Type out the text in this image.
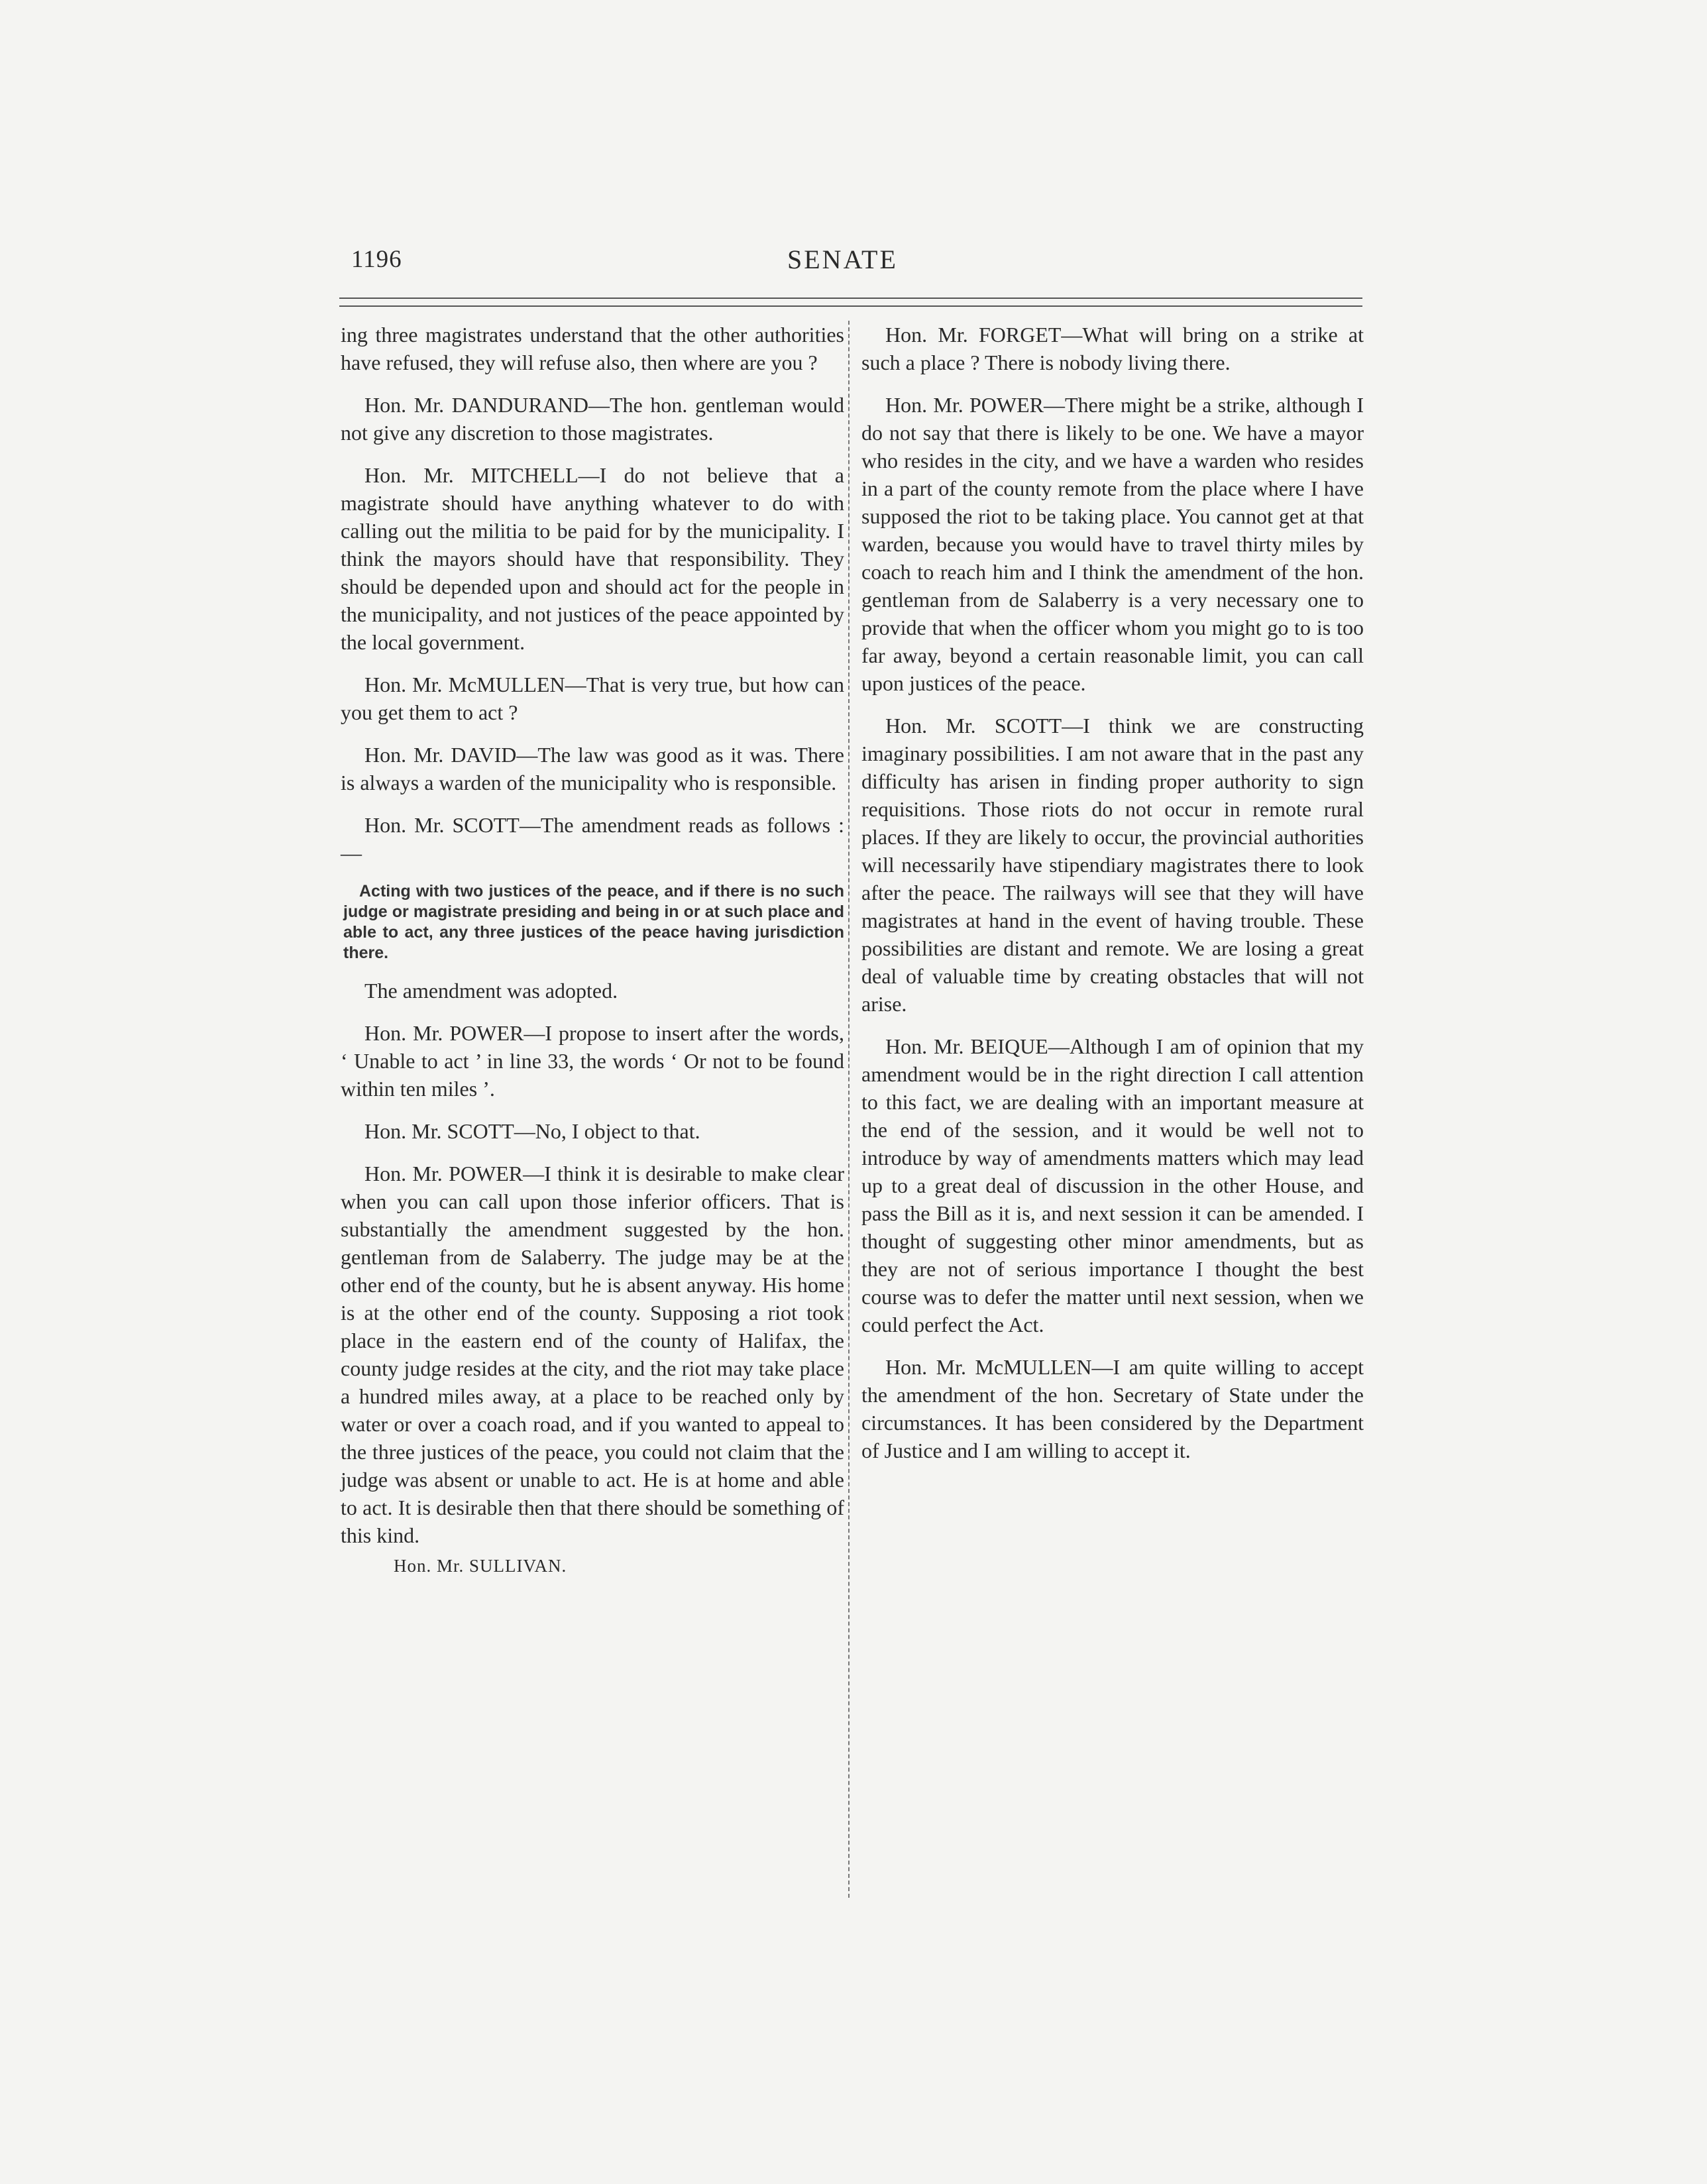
1196	SENATE

ing three magistrates understand that the other authorities have refused, they will refuse also, then where are you ?

Hon. Mr. DANDURAND—The hon. gentleman would not give any discretion to those magistrates.

Hon. Mr. MITCHELL—I do not believe that a magistrate should have anything whatever to do with calling out the militia to be paid for by the municipality. I think the mayors should have that responsibility. They should be depended upon and should act for the people in the municipality, and not justices of the peace appointed by the local government.

Hon. Mr. McMULLEN—That is very true, but how can you get them to act ?

Hon. Mr. DAVID—The law was good as it was. There is always a warden of the municipality who is responsible.

Hon. Mr. SCOTT—The amendment reads as follows :—

Acting with two justices of the peace, and if there is no such judge or magistrate presiding and being in or at such place and able to act, any three justices of the peace having jurisdiction there.

The amendment was adopted.

Hon. Mr. POWER—I propose to insert after the words, ‘ Unable to act ’ in line 33, the words ‘ Or not to be found within ten miles ’.

Hon. Mr. SCOTT—No, I object to that.

Hon. Mr. POWER—I think it is desirable to make clear when you can call upon those inferior officers. That is substantially the amendment suggested by the hon. gentleman from de Salaberry. The judge may be at the other end of the county, but he is absent anyway. His home is at the other end of the county. Supposing a riot took place in the eastern end of the county of Halifax, the county judge resides at the city, and the riot may take place a hundred miles away, at a place to be reached only by water or over a coach road, and if you wanted to appeal to the three justices of the peace, you could not claim that the judge was absent or unable to act. He is at home and able to act. It is desirable then that there should be something of this kind.

Hon. Mr. SULLIVAN.

Hon. Mr. FORGET—What will bring on a strike at such a place ? There is nobody living there.

Hon. Mr. POWER—There might be a strike, although I do not say that there is likely to be one. We have a mayor who resides in the city, and we have a warden who resides in a part of the county remote from the place where I have supposed the riot to be taking place. You cannot get at that warden, because you would have to travel thirty miles by coach to reach him and I think the amendment of the hon. gentleman from de Salaberry is a very necessary one to provide that when the officer whom you might go to is too far away, beyond a certain reasonable limit, you can call upon justices of the peace.

Hon. Mr. SCOTT—I think we are constructing imaginary possibilities. I am not aware that in the past any difficulty has arisen in finding proper authority to sign requisitions. Those riots do not occur in remote rural places. If they are likely to occur, the provincial authorities will necessarily have stipendiary magistrates there to look after the peace. The railways will see that they will have magistrates at hand in the event of having trouble. These possibilities are distant and remote. We are losing a great deal of valuable time by creating obstacles that will not arise.

Hon. Mr. BEIQUE—Although I am of opinion that my amendment would be in the right direction I call attention to this fact, we are dealing with an important measure at the end of the session, and it would be well not to introduce by way of amendments matters which may lead up to a great deal of discussion in the other House, and pass the Bill as it is, and next session it can be amended. I thought of suggesting other minor amendments, but as they are not of serious importance I thought the best course was to defer the matter until next session, when we could perfect the Act.

Hon. Mr. McMULLEN—I am quite willing to accept the amendment of the hon. Secretary of State under the circumstances. It has been considered by the Department of Justice and I am willing to accept it.
